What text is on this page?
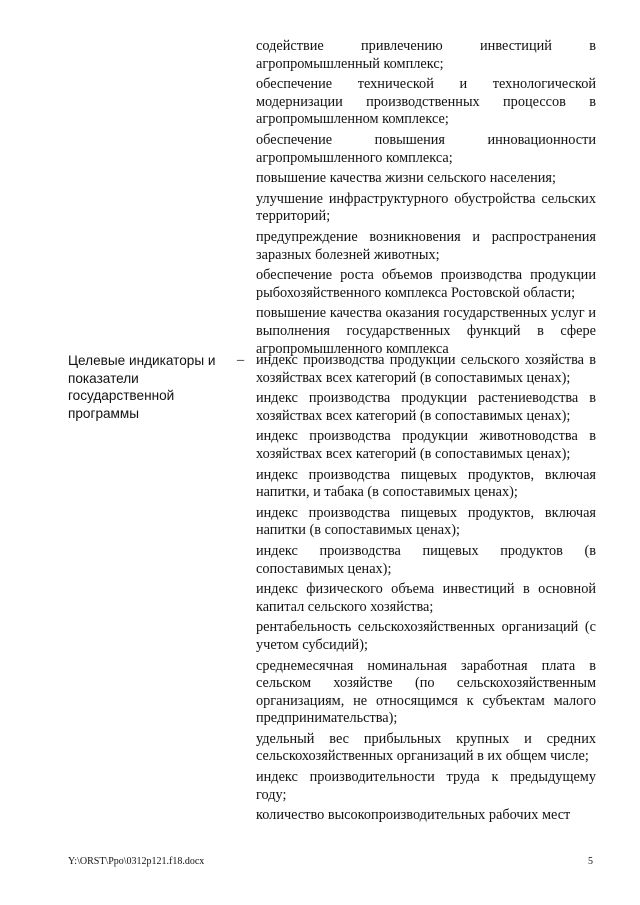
содействие привлечению инвестиций в агропромышленный комплекс;

обеспечение технической и технологической модернизации производственных процессов в агропромышленном комплексе;

обеспечение повышения инновационности агропромышленного комплекса;

повышение качества жизни сельского населения;

улучшение инфраструктурного обустройства сельских территорий;

предупреждение возникновения и распространения заразных болезней животных;

обеспечение роста объемов производства продукции рыбохозяйственного комплекса Ростовской области;

повышение качества оказания государственных услуг и выполнения государственных функций в сфере агропромышленного комплекса

Целевые индикаторы и показатели государственной программы

– индекс производства продукции сельского хозяйства в хозяйствах всех категорий (в сопоставимых ценах);

индекс производства продукции растениеводства в хозяйствах всех категорий (в сопоставимых ценах);

индекс производства продукции животноводства в хозяйствах всех категорий (в сопоставимых ценах);

индекс производства пищевых продуктов, включая напитки, и табака (в сопоставимых ценах);

индекс производства пищевых продуктов, включая напитки (в сопоставимых ценах);

индекс производства пищевых продуктов (в сопоставимых ценах);

индекс физического объема инвестиций в основной капитал сельского хозяйства;

рентабельность сельскохозяйственных организаций (с учетом субсидий);

среднемесячная номинальная заработная плата в сельском хозяйстве (по сельскохозяйственным организациям, не относящимся к субъектам малого предпринимательства);

удельный вес прибыльных крупных и средних сельскохозяйственных организаций в их общем числе;

индекс производительности труда к предыдущему году;

количество высокопроизводительных рабочих мест

Y:\ORST\Ppo\0312p121.f18.docx	5
